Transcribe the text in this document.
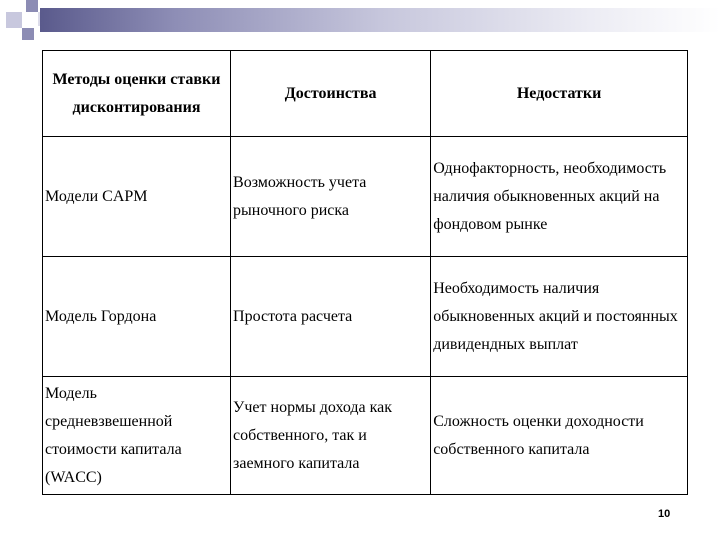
Методы оценки ставки дисконтирования	Достоинства	Недостатки
Модели CAPM	Возможность учета рыночного риска	Однофакторность, необходимость наличия обыкновенных акций на фондовом рынке
Модель Гордона	Простота расчета	Необходимость наличия обыкновенных акций и постоянных дивидендных выплат
Модель средневзвешенной стоимости капитала (WACC)	Учет нормы дохода как собственного, так и заемного капитала	Сложность оценки доходности собственного капитала
10
